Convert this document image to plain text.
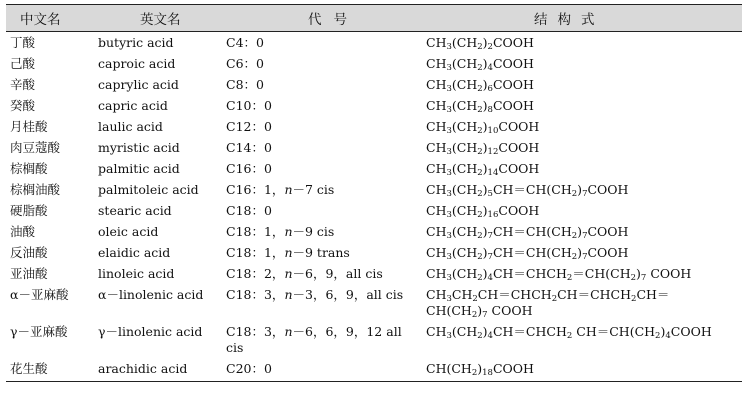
中文名	英文名	代号	结构式
丁酸	butyric acid	C4：0	$CH_3(CH_2)_2COOH$

己酸	caproic acid	C6：0	$CH_3(CH_2)_4COOH$

辛酸	caprylic acid	C8：0	$CH_3(CH_2)_6COOH$

癸酸	capric acid	C10：0	$CH_3(CH_2)_8COOH$

月桂酸	laulic acid	C12：0	$CH_3(CH_2)_{10}COOH$

肉豆蔻酸	myristic acid	C14：0	$CH_3(CH_2)_{12}COOH$

棕榈酸	palmitic acid	C16：0	$CH_3(CH_2)_{14}COOH$

棕榈油酸	palmitoleic acid	C16：1，n－7 cis	$CH_3(CH_2)_5CH=CH(CH_2)_7COOH$

硬脂酸	stearic acid	C18：0	$CH_3(CH_2)_{16}COOH$

油酸	oleic acid	C18：1，n－9 cis	$CH_3(CH_2)_7CH=CH(CH_2)_7COOH$

反油酸	elaidic acid	C18：1，n－9 trans	$CH_3(CH_2)_7CH=CH(CH_2)_7COOH$

亚油酸	linoleic acid	C18：2，n－6，9，all cis	$CH_3(CH_2)_4CH=CHCH_2=CH(CH_2)_7$ COOH

α－亚麻酸	α－linolenic acid	C18：3，n－3，6，9，all cis	$CH_3CH_2CH=CHCH_2CH=CHCH_2CH=CH(CH_2)_7$ COOH

γ－亚麻酸	γ－linolenic acid	C18：3，n－6，6，9，12 all cis	$CH_3(CH_2)_4CH=CHCH_2$ $CH=CH(CH_2)_4COOH$

花生酸	arachidic acid	C20：0	$CH(CH_2)_{18}COOH$
